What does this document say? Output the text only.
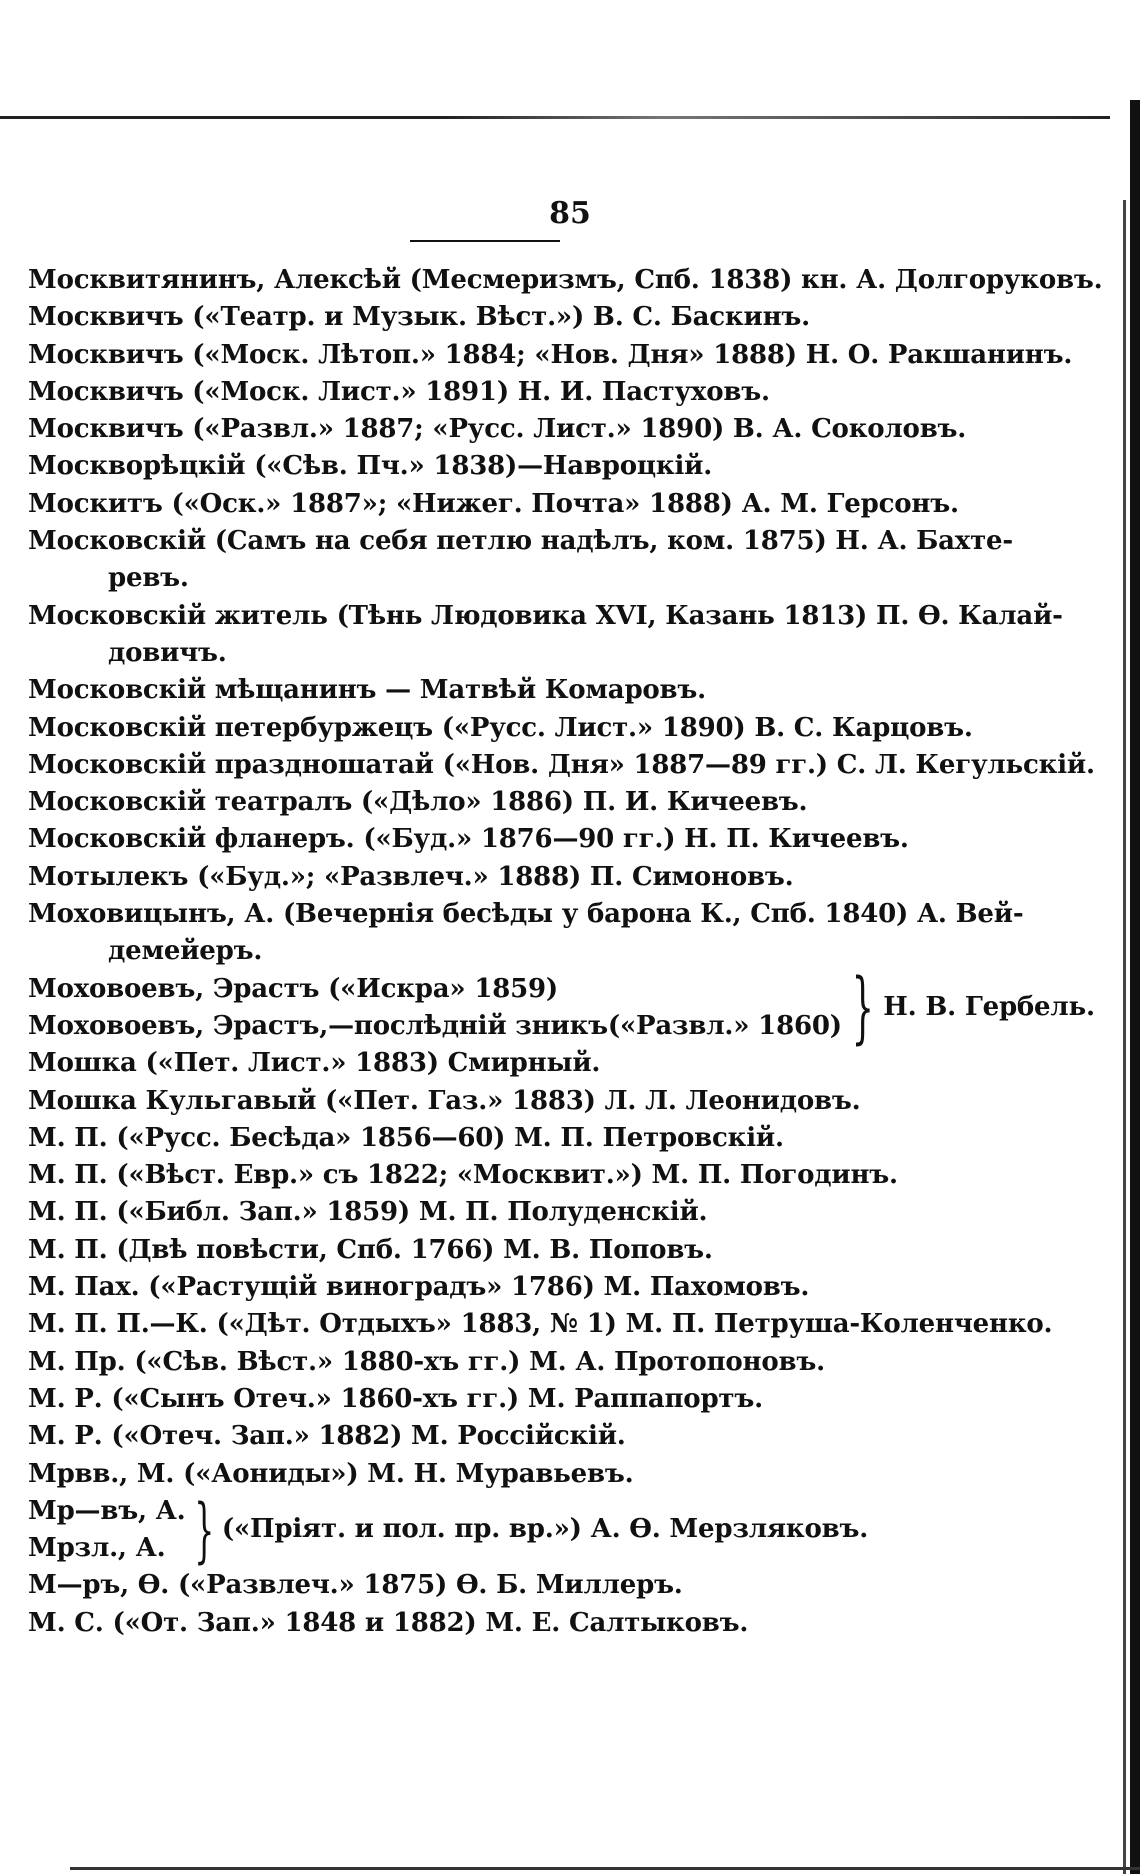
85
Москвитянинъ, Алексѣй (Месмеризмъ, Спб. 1838) кн. А. Долгоруковъ.
Москвичъ («Театр. и Музык. Вѣст.») В. С. Баскинъ.
Москвичъ («Моск. Лѣтоп.» 1884; «Нов. Дня» 1888) Н. О. Ракшанинъ.
Москвичъ («Моск. Лист.» 1891) Н. И. Пастуховъ.
Москвичъ («Развл.» 1887; «Русс. Лист.» 1890) В. А. Соколовъ.
Москворѣцкій («Сѣв. Пч.» 1838)—Навроцкій.
Москитъ («Оск.» 1887»; «Нижег. Почта» 1888) А. М. Герсонъ.
Московскій (Самъ на себя петлю надѣлъ, ком. 1875) Н. А. Бахте-
ревъ.
Московскій житель (Тѣнь Людовика XVI, Казань 1813) П. Ѳ. Калай-
довичъ.
Московскій мѣщанинъ — Матвѣй Комаровъ.
Московскій петербуржецъ («Русс. Лист.» 1890) В. С. Карцовъ.
Московскій праздношатай («Нов. Дня» 1887—89 гг.) С. Л. Кегульскій.
Московскій театралъ («Дѣло» 1886) П. И. Кичеевъ.
Московскій фланеръ. («Буд.» 1876—90 гг.) Н. П. Кичеевъ.
Мотылекъ («Буд.»; «Развлеч.» 1888) П. Симоновъ.
Моховицынъ, А. (Вечернія бесѣды у барона К., Спб. 1840) А. Вей-
демейеръ.
Моховоевъ, Эрастъ («Искра» 1859)
Моховоевъ, Эрастъ,—послѣдній зникъ(«Развл.» 1860) } Н. В. Гербель.
Мошка («Пет. Лист.» 1883) Смирный.
Мошка Кульгавый («Пет. Газ.» 1883) Л. Л. Леонидовъ.
М. П. («Русс. Бесѣда» 1856—60) М. П. Петровскій.
М. П. («Вѣст. Евр.» съ 1822; «Москвит.») М. П. Погодинъ.
М. П. («Библ. Зап.» 1859) М. П. Полуденскій.
М. П. (Двѣ повѣсти, Спб. 1766) М. В. Поповъ.
М. Пах. («Растущій виноградъ» 1786) М. Пахомовъ.
М. П. П.—К. («Дѣт. Отдыхъ» 1883, № 1) М. П. Петруша-Коленченко.
М. Пр. («Сѣв. Вѣст.» 1880-хъ гг.) М. А. Протопоновъ.
М. Р. («Сынъ Отеч.» 1860-хъ гг.) М. Раппапортъ.
М. Р. («Отеч. Зап.» 1882) М. Россійскій.
Мрвв., М. («Аониды») М. Н. Муравьевъ.
Мр—въ, А.
Мрзл., А. } («Пріят. и пол. пр. вр.») А. Ѳ. Мерзляковъ.
М—ръ, Ѳ. («Развлеч.» 1875) Ѳ. Б. Миллеръ.
М. С. («От. Зап.» 1848 и 1882) М. Е. Салтыковъ.
